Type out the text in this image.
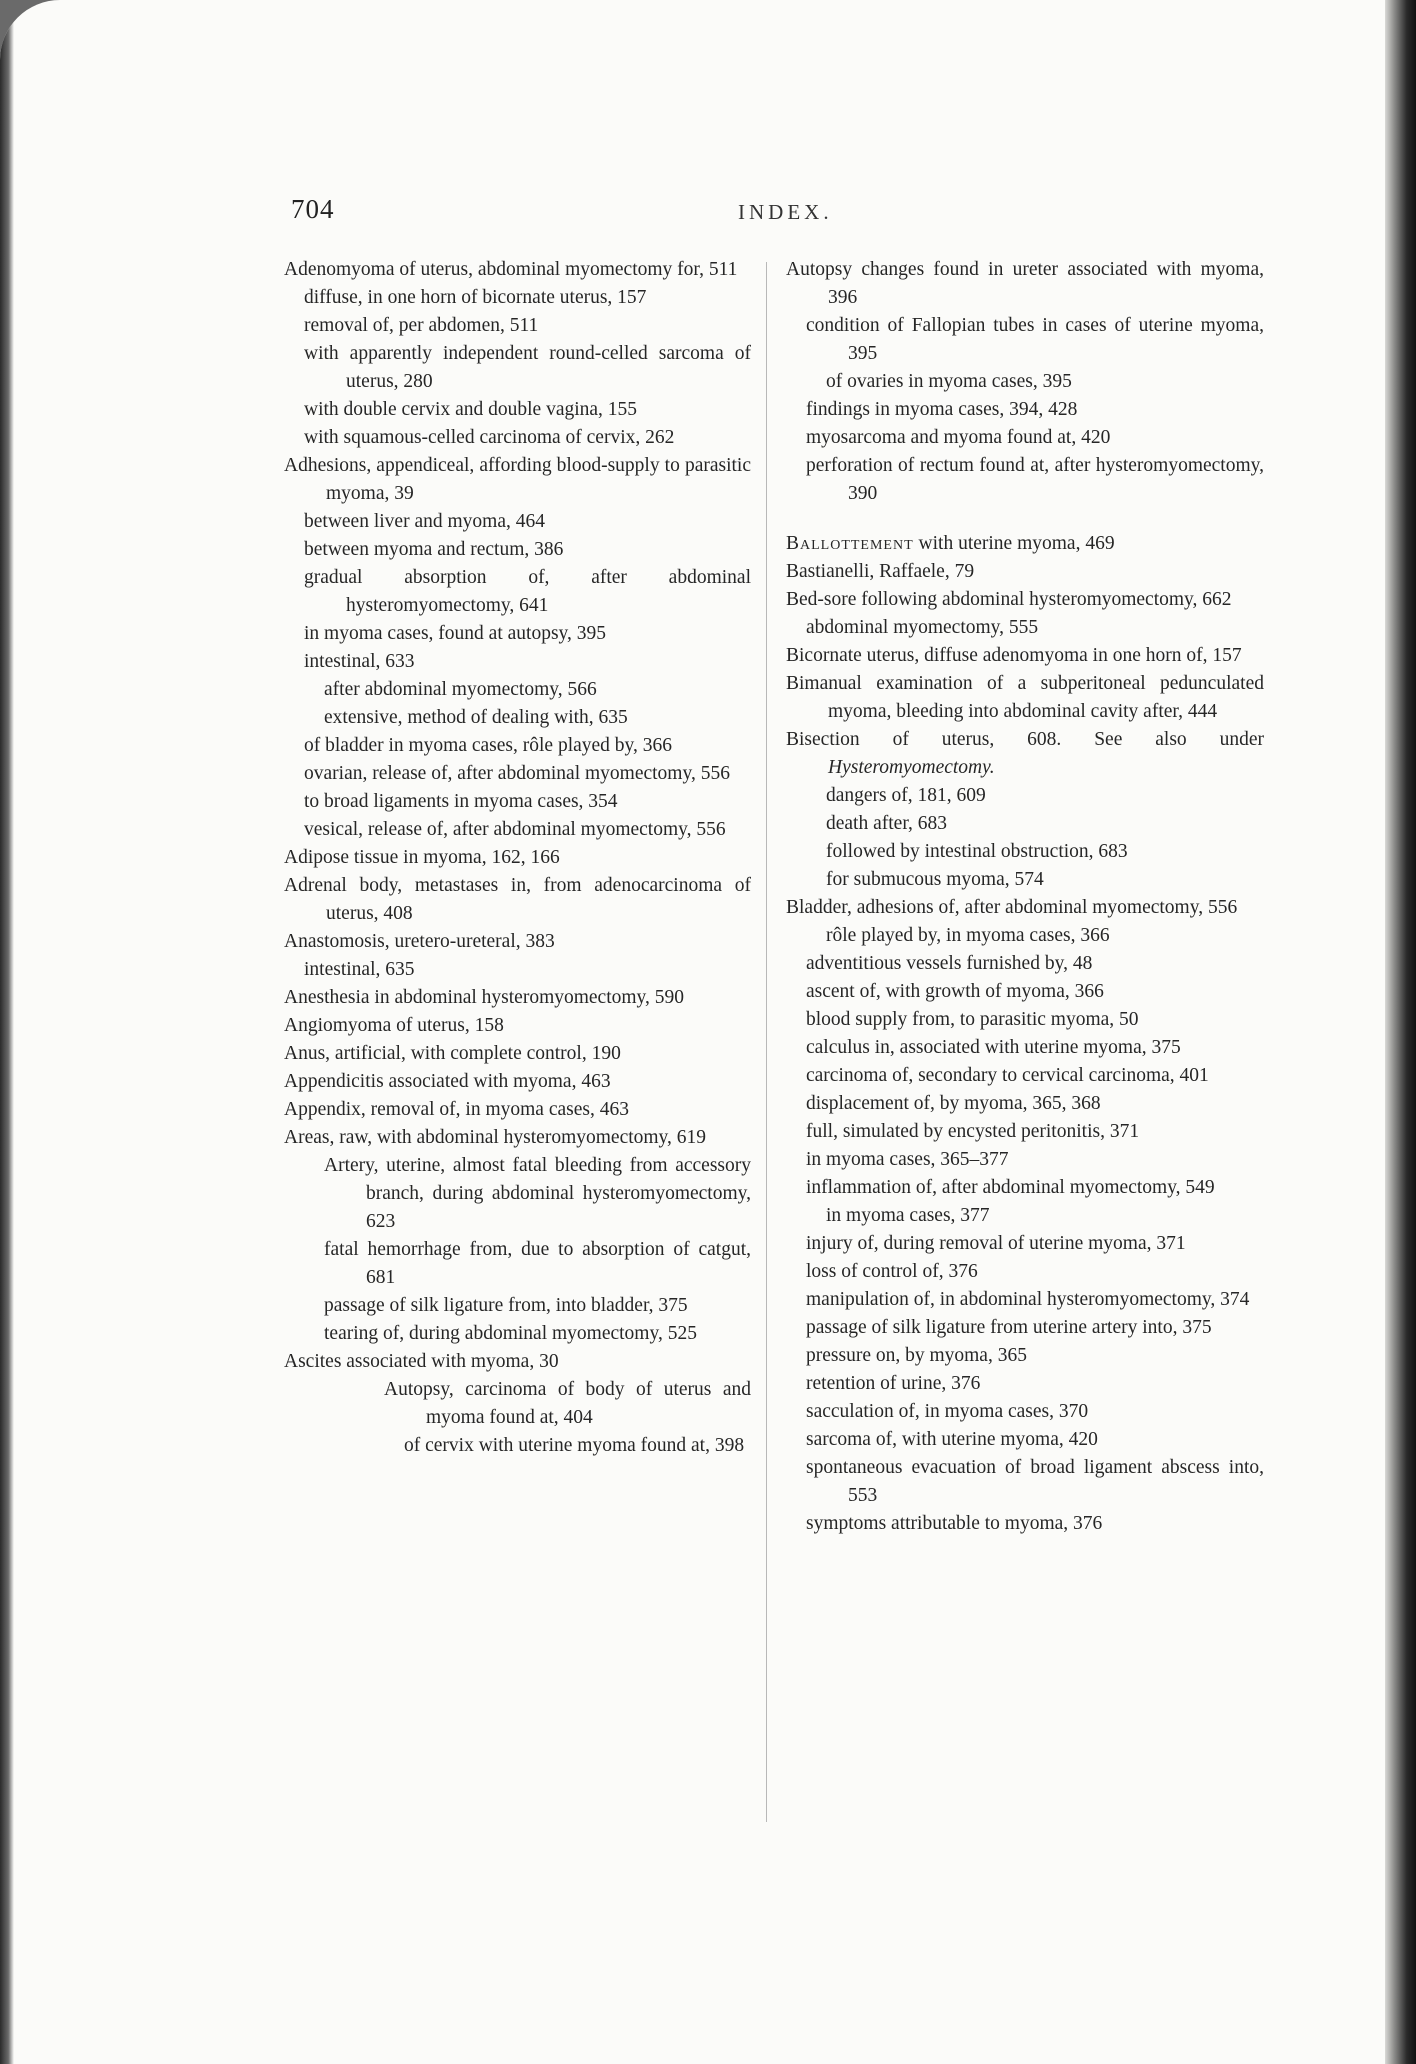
704	INDEX.

Adenomyoma of uterus, abdominal myomectomy for, 511

diffuse, in one horn of bicornate uterus, 157

removal of, per abdomen, 511

with apparently independent round-celled sarcoma of uterus, 280

with double cervix and double vagina, 155

with squamous-celled carcinoma of cervix, 262

Adhesions, appendiceal, affording blood-supply to parasitic myoma, 39

between liver and myoma, 464

between myoma and rectum, 386

gradual absorption of, after abdominal hysteromyomectomy, 641

in myoma cases, found at autopsy, 395

intestinal, 633

after abdominal myomectomy, 566

extensive, method of dealing with, 635

of bladder in myoma cases, rôle played by, 366

ovarian, release of, after abdominal myomectomy, 556

to broad ligaments in myoma cases, 354

vesical, release of, after abdominal myomectomy, 556

Adipose tissue in myoma, 162, 166

Adrenal body, metastases in, from adenocarcinoma of uterus, 408

Anastomosis, uretero-ureteral, 383

intestinal, 635

Anesthesia in abdominal hysteromyomectomy, 590

Angiomyoma of uterus, 158

Anus, artificial, with complete control, 190

Appendicitis associated with myoma, 463

Appendix, removal of, in myoma cases, 463

Areas, raw, with abdominal hysteromyomectomy, 619

Artery, uterine, almost fatal bleeding from accessory branch, during abdominal hysteromyomectomy, 623

fatal hemorrhage from, due to absorption of catgut, 681

passage of silk ligature from, into bladder, 375

tearing of, during abdominal myomectomy, 525

Ascites associated with myoma, 30

Autopsy, carcinoma of body of uterus and myoma found at, 404

of cervix with uterine myoma found at, 398

Autopsy changes found in ureter associated with myoma, 396

condition of Fallopian tubes in cases of uterine myoma, 395

of ovaries in myoma cases, 395

findings in myoma cases, 394, 428

myosarcoma and myoma found at, 420

perforation of rectum found at, after hysteromyomectomy, 390

Ballottement with uterine myoma, 469

Bastianelli, Raffaele, 79

Bed-sore following abdominal hysteromyomectomy, 662

abdominal myomectomy, 555

Bicornate uterus, diffuse adenomyoma in one horn of, 157

Bimanual examination of a subperitoneal pedunculated myoma, bleeding into abdominal cavity after, 444

Bisection of uterus, 608. See also under Hysteromyomectomy.

dangers of, 181, 609

death after, 683

followed by intestinal obstruction, 683

for submucous myoma, 574

Bladder, adhesions of, after abdominal myomectomy, 556

rôle played by, in myoma cases, 366

adventitious vessels furnished by, 48

ascent of, with growth of myoma, 366

blood supply from, to parasitic myoma, 50

calculus in, associated with uterine myoma, 375

carcinoma of, secondary to cervical carcinoma, 401

displacement of, by myoma, 365, 368

full, simulated by encysted peritonitis, 371

in myoma cases, 365–377

inflammation of, after abdominal myomectomy, 549

in myoma cases, 377

injury of, during removal of uterine myoma, 371

loss of control of, 376

manipulation of, in abdominal hysteromyomectomy, 374

passage of silk ligature from uterine artery into, 375

pressure on, by myoma, 365

retention of urine, 376

sacculation of, in myoma cases, 370

sarcoma of, with uterine myoma, 420

spontaneous evacuation of broad ligament abscess into, 553

symptoms attributable to myoma, 376
